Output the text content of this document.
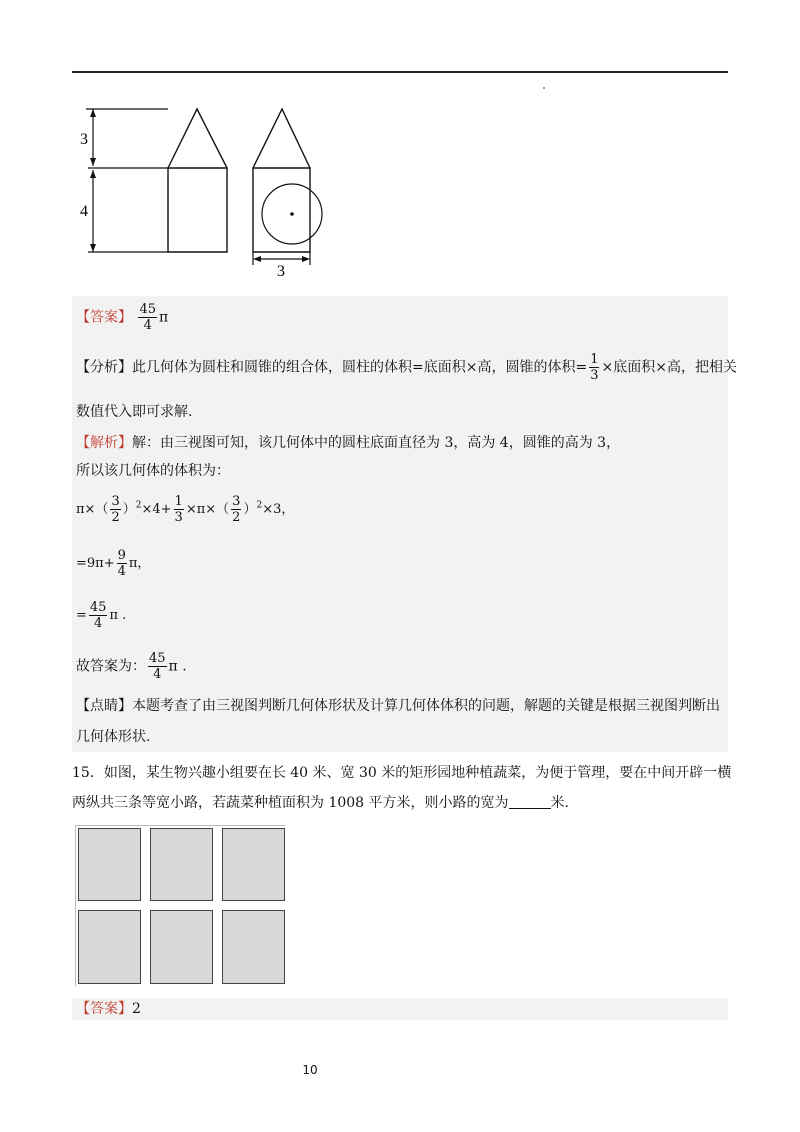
3
4
3
【答案】 $\frac{45}{4}$ π
【分析】此几何体为圆柱和圆锥的组合体，圆柱的体积=底面积×高，圆锥的体积= $\frac{1}{3}$ ×底面积×高，把相关
数值代入即可求解.
【解析】解：由三视图可知，该几何体中的圆柱底面直径为 3，高为 4，圆锥的高为 3，
所以该几何体的体积为：
$\pi\times( \frac{3}{2} )^2\times 4+ \frac{1}{3} \times\pi\times( \frac{3}{2} )^2\times 3$，
$=9\pi+ \frac{9}{4}$ π，
= $\frac{45}{4}$ π .
故答案为： $\frac{45}{4}$ π .
【点睛】本题考查了由三视图判断几何体形状及计算几何体体积的问题，解题的关键是根据三视图判断出
几何体形状.
15．如图，某生物兴趣小组要在长 40 米、宽 30 米的矩形园地种植蔬菜，为便于管理，要在中间开辟一横
两纵共三条等宽小路，若蔬菜种植面积为 1008 平方米，则小路的宽为	米.
【答案】2
10
